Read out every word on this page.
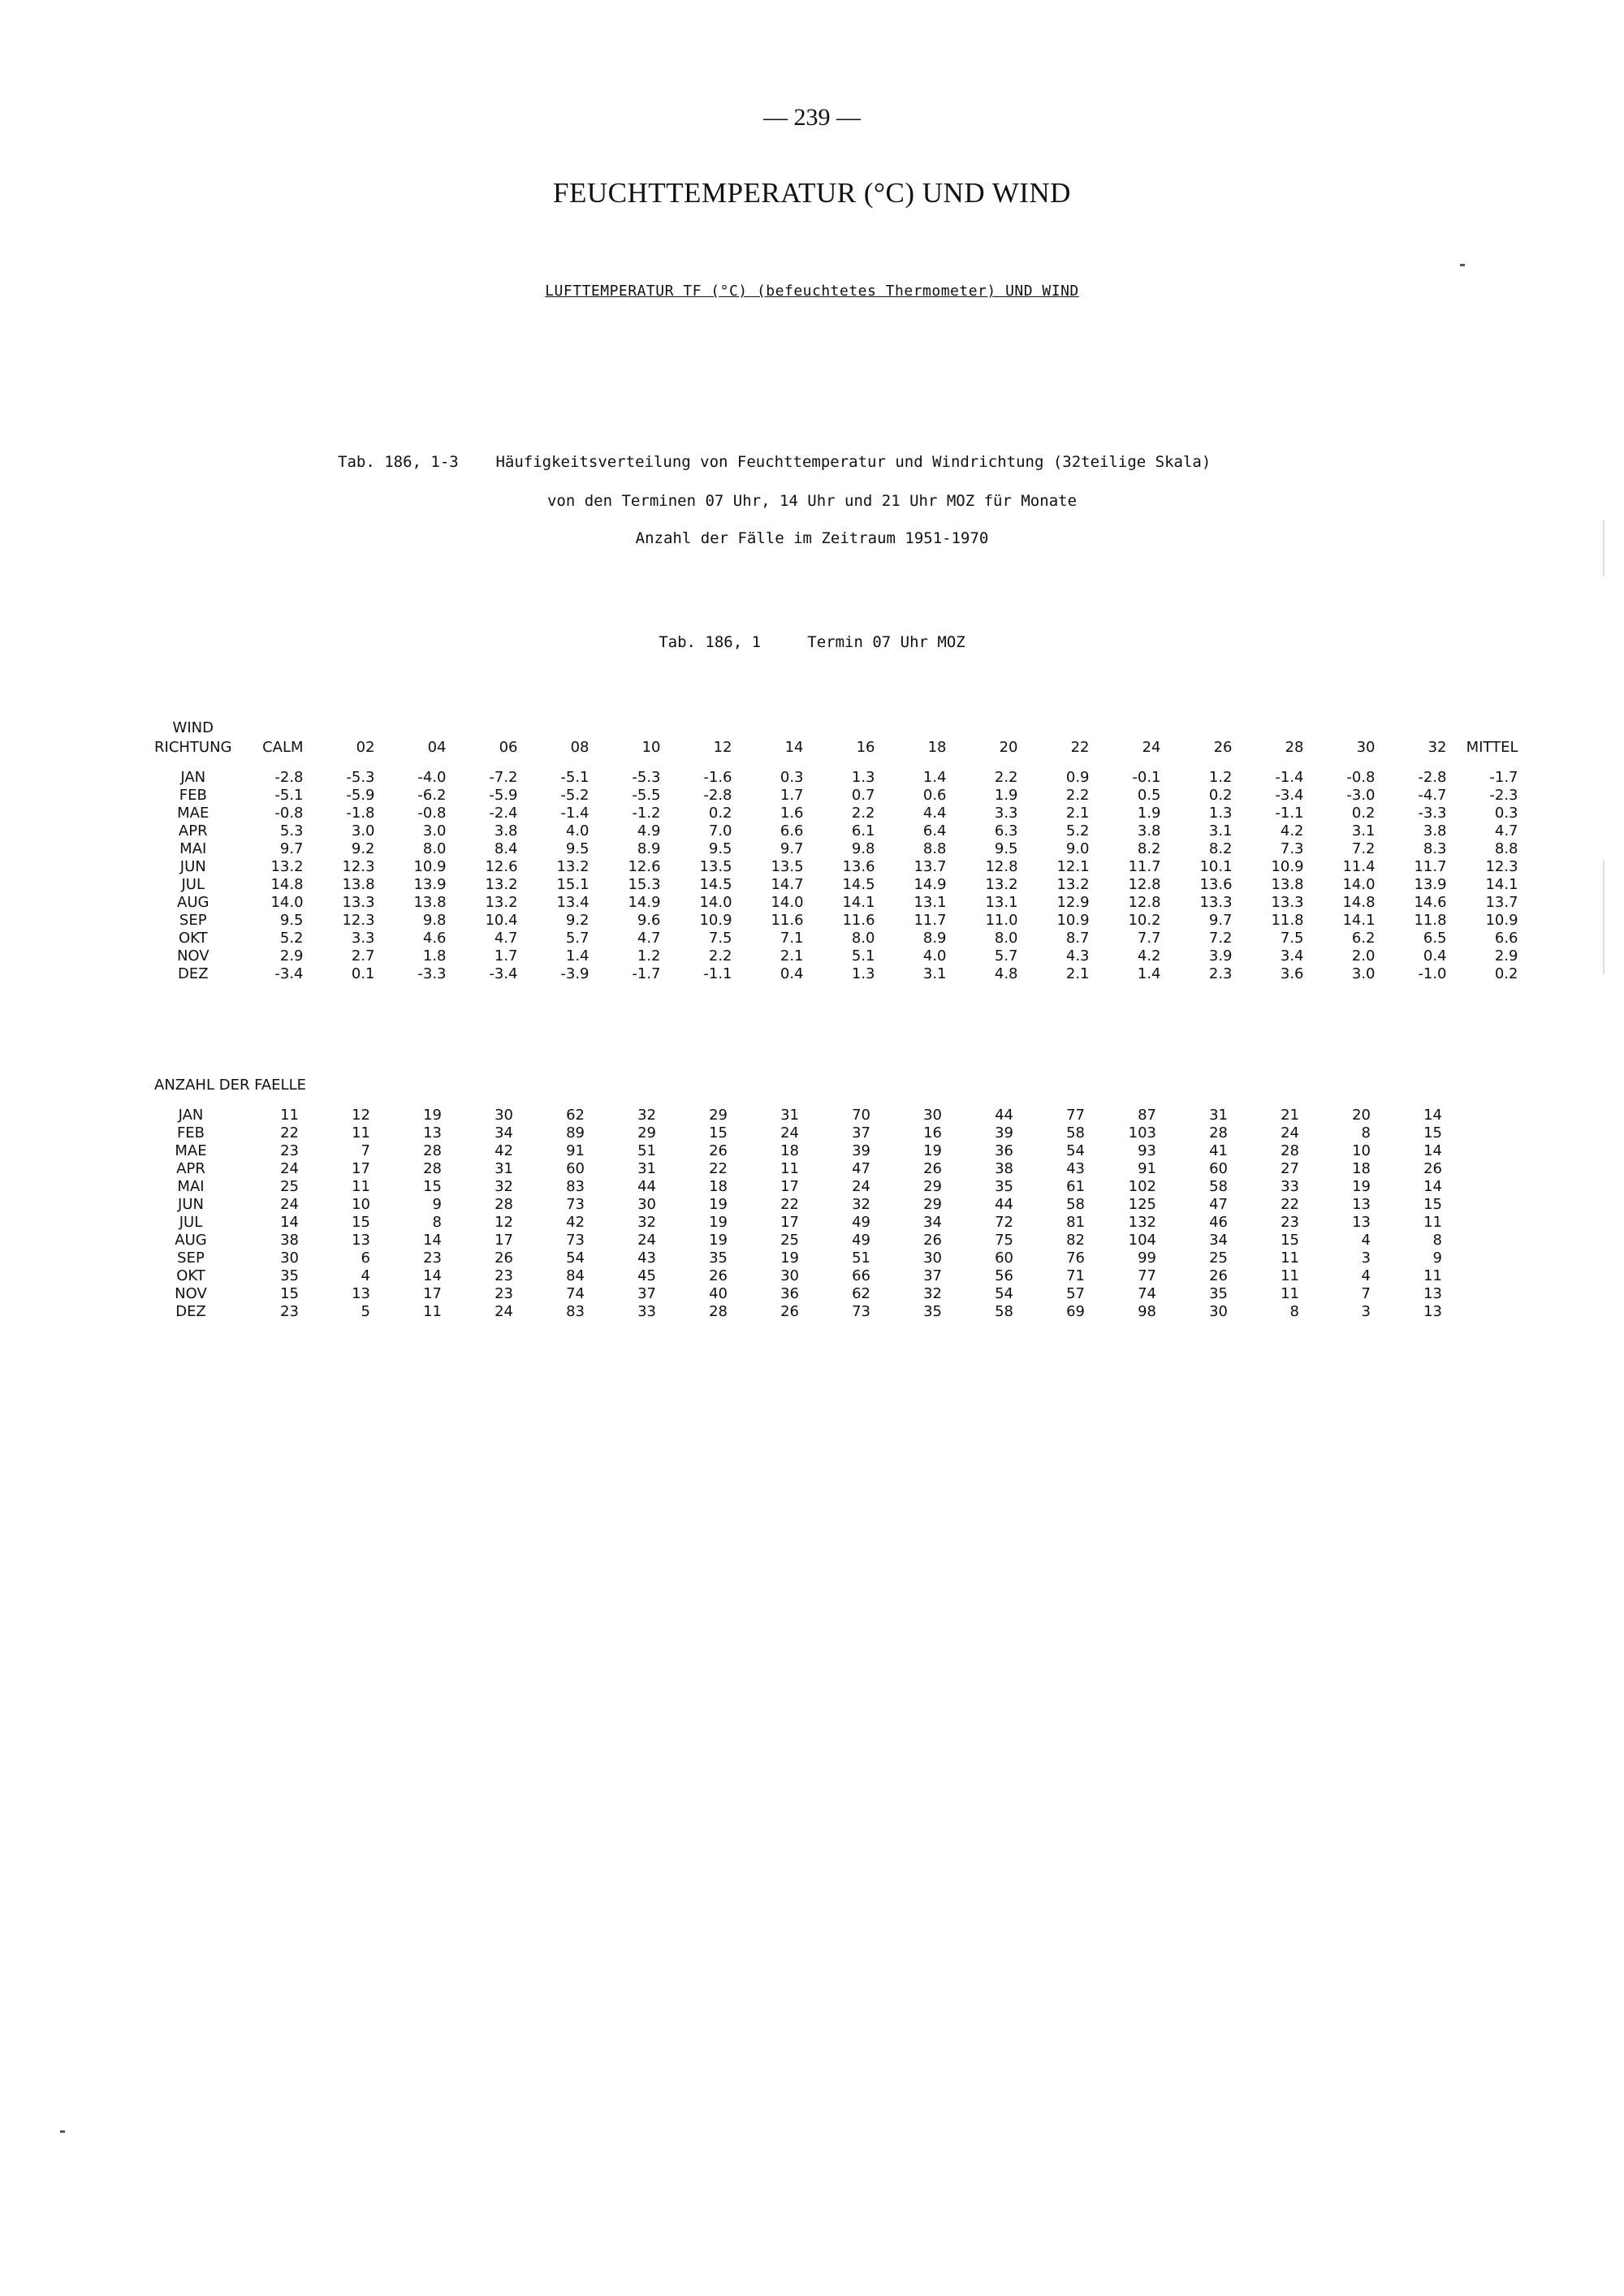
— 239 —
FEUCHTTEMPERATUR (°C) UND WIND
LUFTTEMPERATUR TF (°C) (befeuchtetes Thermometer) UND WIND
Tab. 186, 1-3 Häufigkeitsverteilung von Feuchttemperatur und Windrichtung (32teilige Skala)
von den Terminen 07 Uhr, 14 Uhr und 21 Uhr MOZ für Monate
Anzahl der Fälle im Zeitraum 1951-1970
Tab. 186, 1	Termin 07 Uhr MOZ
WIND																		
RICHTUNG	CALM	02	04	06	08	10	12	14	16	18	20	22	24	26	28	30	32	MITTEL

JAN	-2.8	-5.3	-4.0	-7.2	-5.1	-5.3	-1.6	0.3	1.3	1.4	2.2	0.9	-0.1	1.2	-1.4	-0.8	-2.8	-1.7
FEB	-5.1	-5.9	-6.2	-5.9	-5.2	-5.5	-2.8	1.7	0.7	0.6	1.9	2.2	0.5	0.2	-3.4	-3.0	-4.7	-2.3
MAE	-0.8	-1.8	-0.8	-2.4	-1.4	-1.2	0.2	1.6	2.2	4.4	3.3	2.1	1.9	1.3	-1.1	0.2	-3.3	0.3
APR	5.3	3.0	3.0	3.8	4.0	4.9	7.0	6.6	6.1	6.4	6.3	5.2	3.8	3.1	4.2	3.1	3.8	4.7
MAI	9.7	9.2	8.0	8.4	9.5	8.9	9.5	9.7	9.8	8.8	9.5	9.0	8.2	8.2	7.3	7.2	8.3	8.8
JUN	13.2	12.3	10.9	12.6	13.2	12.6	13.5	13.5	13.6	13.7	12.8	12.1	11.7	10.1	10.9	11.4	11.7	12.3
JUL	14.8	13.8	13.9	13.2	15.1	15.3	14.5	14.7	14.5	14.9	13.2	13.2	12.8	13.6	13.8	14.0	13.9	14.1
AUG	14.0	13.3	13.8	13.2	13.4	14.9	14.0	14.0	14.1	13.1	13.1	12.9	12.8	13.3	13.3	14.8	14.6	13.7
SEP	9.5	12.3	9.8	10.4	9.2	9.6	10.9	11.6	11.6	11.7	11.0	10.9	10.2	9.7	11.8	14.1	11.8	10.9
OKT	5.2	3.3	4.6	4.7	5.7	4.7	7.5	7.1	8.0	8.9	8.0	8.7	7.7	7.2	7.5	6.2	6.5	6.6
NOV	2.9	2.7	1.8	1.7	1.4	1.2	2.2	2.1	5.1	4.0	5.7	4.3	4.2	3.9	3.4	2.0	0.4	2.9
DEZ	-3.4	0.1	-3.3	-3.4	-3.9	-1.7	-1.1	0.4	1.3	3.1	4.8	2.1	1.4	2.3	3.6	3.0	-1.0	0.2
ANZAHL DER FAELLE																	

JAN	11	12	19	30	62	32	29	31	70	30	44	77	87	31	21	20	14
FEB	22	11	13	34	89	29	15	24	37	16	39	58	103	28	24	8	15
MAE	23	7	28	42	91	51	26	18	39	19	36	54	93	41	28	10	14
APR	24	17	28	31	60	31	22	11	47	26	38	43	91	60	27	18	26
MAI	25	11	15	32	83	44	18	17	24	29	35	61	102	58	33	19	14
JUN	24	10	9	28	73	30	19	22	32	29	44	58	125	47	22	13	15
JUL	14	15	8	12	42	32	19	17	49	34	72	81	132	46	23	13	11
AUG	38	13	14	17	73	24	19	25	49	26	75	82	104	34	15	4	8
SEP	30	6	23	26	54	43	35	19	51	30	60	76	99	25	11	3	9
OKT	35	4	14	23	84	45	26	30	66	37	56	71	77	26	11	4	11
NOV	15	13	17	23	74	37	40	36	62	32	54	57	74	35	11	7	13
DEZ	23	5	11	24	83	33	28	26	73	35	58	69	98	30	8	3	13
